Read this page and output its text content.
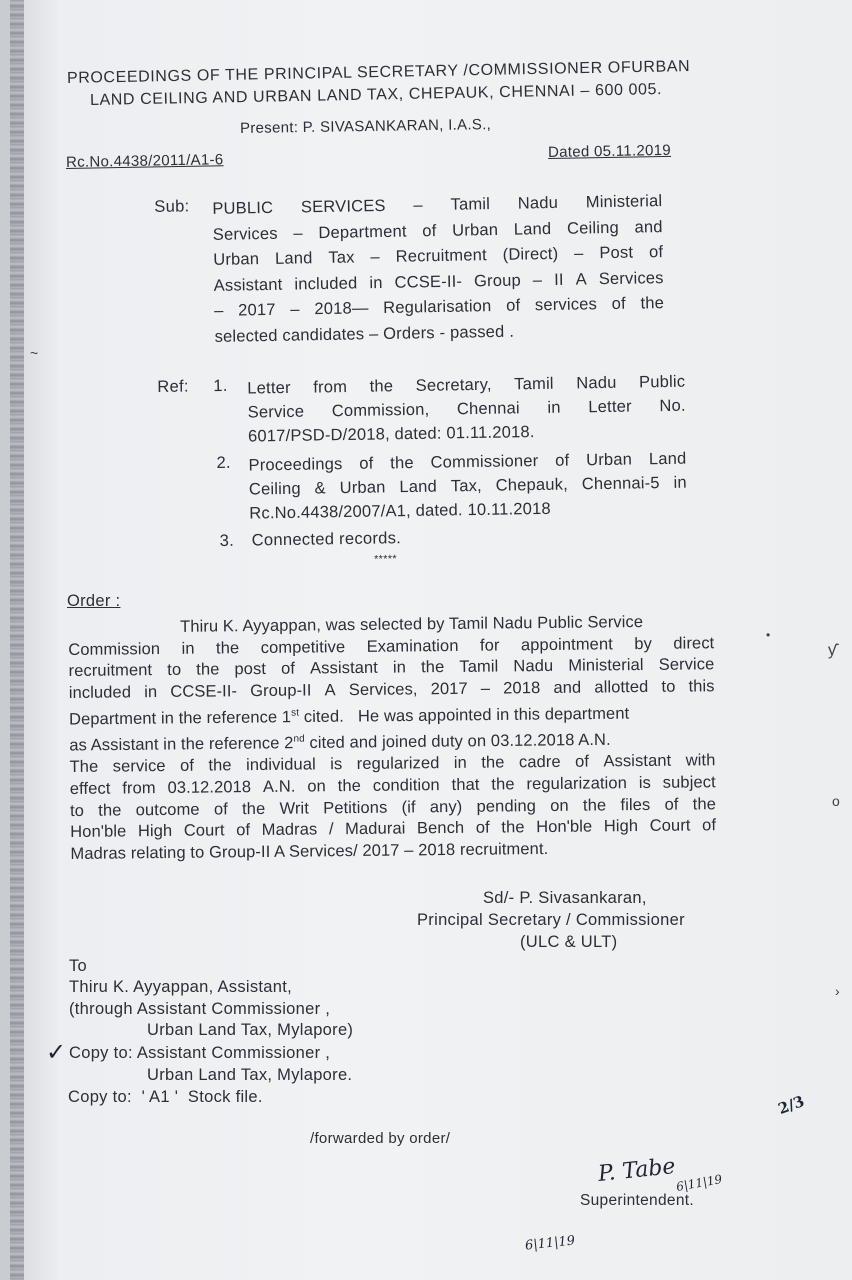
PROCEEDINGS OF THE PRINCIPAL SECRETARY /COMMISSIONER OFURBAN
LAND CEILING AND URBAN LAND TAX, CHEPAUK, CHENNAI – 600 005.
Present: P. SIVASANKARAN, I.A.S.,
Rc.No.4438/2011/A1-6	Dated 05.11.2019
Sub: PUBLIC SERVICES – Tamil Nadu Ministerial
Services – Department of Urban Land Ceiling and
Urban Land Tax – Recruitment (Direct) – Post of
Assistant included in CCSE-II- Group – II A Services
– 2017 – 2018— Regularisation of services of the
selected candidates – Orders - passed .
Ref: 1. Letter from the Secretary, Tamil Nadu Public
Service Commission, Chennai in Letter No.
6017/PSD-D/2018, dated: 01.11.2018.
2. Proceedings of the Commissioner of Urban Land
Ceiling & Urban Land Tax, Chepauk, Chennai-5 in
Rc.No.4438/2007/A1, dated. 10.11.2018
3. Connected records.
*****
Order :
Thiru K. Ayyappan, was selected by Tamil Nadu Public Service
Commission in the competitive Examination for appointment by direct
recruitment to the post of Assistant in the Tamil Nadu Ministerial Service
included in CCSE-II- Group-II A Services, 2017 – 2018 and allotted to this
Department in the reference 1st cited.   He was appointed in this department
as Assistant in the reference 2nd cited and joined duty on 03.12.2018 A.N.
The service of the individual is regularized in the cadre of Assistant with
effect from 03.12.2018 A.N. on the condition that the regularization is subject
to the outcome of the Writ Petitions (if any) pending on the files of the
Hon'ble High Court of Madras / Madurai Bench of the Hon'ble High Court of
Madras relating to Group-II A Services/ 2017 – 2018 recruitment.
Sd/- P. Sivasankaran,
Principal Secretary / Commissioner
(ULC & ULT)
To
Thiru K. Ayyappan, Assistant,
(through Assistant Commissioner ,
Urban Land Tax, Mylapore)
✓ Copy to: Assistant Commissioner ,
Urban Land Tax, Mylapore.
Copy to:  ' A1 '  Stock file.
/forwarded by order/
P. Tabe
6|11|19
Superintendent.
6|11|19
2/3
•
ƴ
o
›
~
